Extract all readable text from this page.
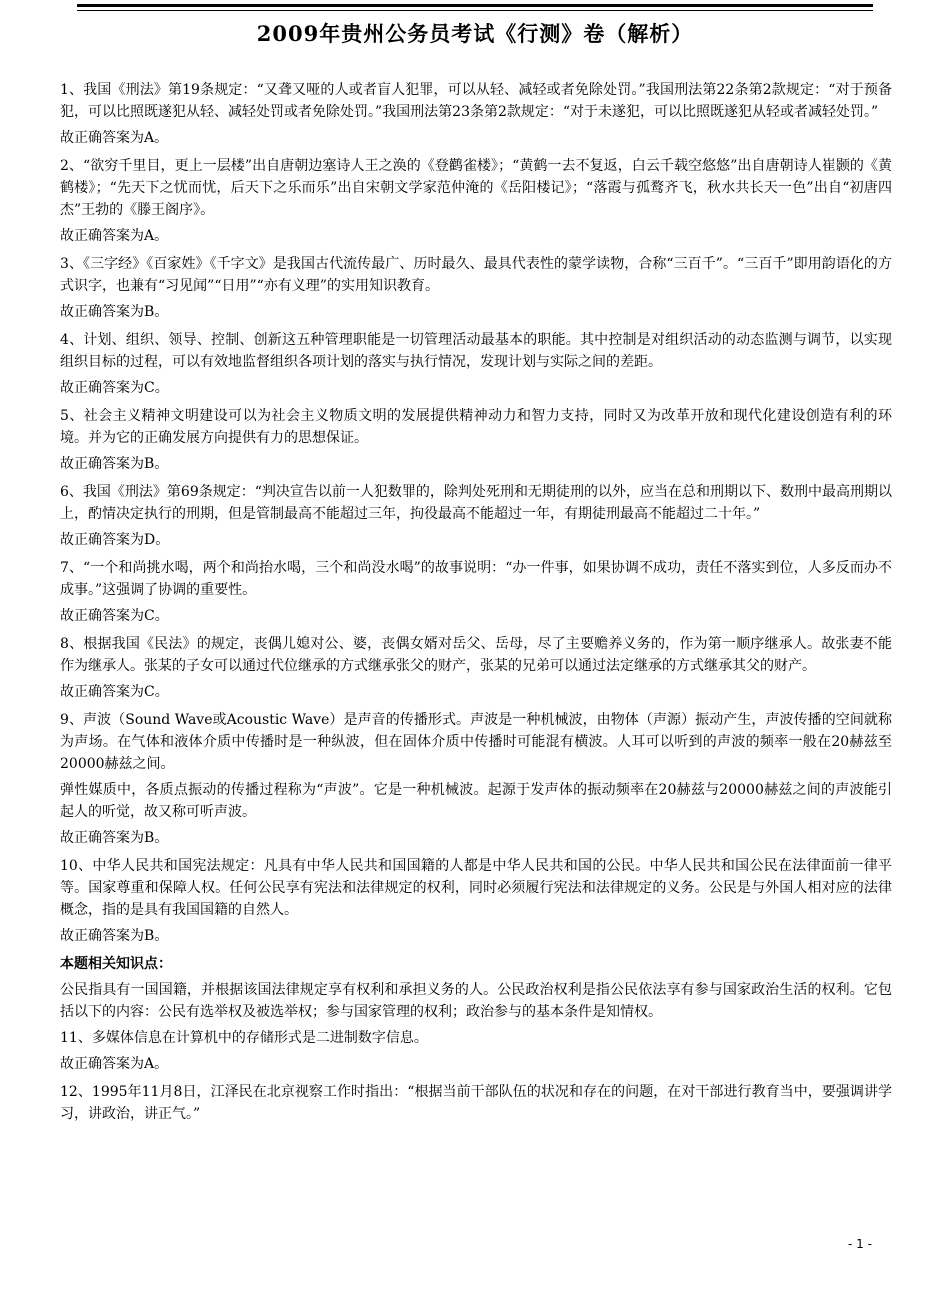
2009年贵州公务员考试《行测》卷（解析）

1、我国《刑法》第19条规定：“又聋又哑的人或者盲人犯罪，可以从轻、减轻或者免除处罚。”我国刑法第22条第2款规定：“对于预备犯，可以比照既遂犯从轻、减轻处罚或者免除处罚。”我国刑法第23条第2款规定：“对于未遂犯，可以比照既遂犯从轻或者减轻处罚。”

故正确答案为A。

2、“欲穷千里目，更上一层楼”出自唐朝边塞诗人王之涣的《登鹳雀楼》；“黄鹤一去不复返，白云千载空悠悠”出自唐朝诗人崔颢的《黄鹤楼》；“先天下之忧而忧，后天下之乐而乐”出自宋朝文学家范仲淹的《岳阳楼记》；“落霞与孤鹜齐飞，秋水共长天一色”出自“初唐四杰”王勃的《滕王阁序》。

故正确答案为A。

3、《三字经》《百家姓》《千字文》是我国古代流传最广、历时最久、最具代表性的蒙学读物，合称“三百千”。“三百千”即用韵语化的方式识字，也兼有“习见闻”“日用”“亦有义理”的实用知识教育。

故正确答案为B。

4、计划、组织、领导、控制、创新这五种管理职能是一切管理活动最基本的职能。其中控制是对组织活动的动态监测与调节，以实现组织目标的过程，可以有效地监督组织各项计划的落实与执行情况，发现计划与实际之间的差距。

故正确答案为C。

5、社会主义精神文明建设可以为社会主义物质文明的发展提供精神动力和智力支持，同时又为改革开放和现代化建设创造有利的环境。并为它的正确发展方向提供有力的思想保证。

故正确答案为B。

6、我国《刑法》第69条规定：“判决宣告以前一人犯数罪的，除判处死刑和无期徒刑的以外，应当在总和刑期以下、数刑中最高刑期以上，酌情决定执行的刑期，但是管制最高不能超过三年，拘役最高不能超过一年，有期徒刑最高不能超过二十年。”

故正确答案为D。

7、“一个和尚挑水喝，两个和尚抬水喝，三个和尚没水喝”的故事说明：“办一件事，如果协调不成功，责任不落实到位，人多反而办不成事。”这强调了协调的重要性。

故正确答案为C。

8、根据我国《民法》的规定，丧偶儿媳对公、婆，丧偶女婿对岳父、岳母，尽了主要赡养义务的，作为第一顺序继承人。故张妻不能作为继承人。张某的子女可以通过代位继承的方式继承张父的财产，张某的兄弟可以通过法定继承的方式继承其父的财产。

故正确答案为C。

9、声波（Sound Wave或Acoustic Wave）是声音的传播形式。声波是一种机械波，由物体（声源）振动产生，声波传播的空间就称为声场。在气体和液体介质中传播时是一种纵波，但在固体介质中传播时可能混有横波。人耳可以听到的声波的频率一般在20赫兹至20000赫兹之间。

弹性媒质中，各质点振动的传播过程称为“声波”。它是一种机械波。起源于发声体的振动频率在20赫兹与20000赫兹之间的声波能引起人的听觉，故又称可听声波。

故正确答案为B。

10、中华人民共和国宪法规定：凡具有中华人民共和国国籍的人都是中华人民共和国的公民。中华人民共和国公民在法律面前一律平等。国家尊重和保障人权。任何公民享有宪法和法律规定的权利，同时必须履行宪法和法律规定的义务。公民是与外国人相对应的法律概念，指的是具有我国国籍的自然人。

故正确答案为B。

本题相关知识点：

公民指具有一国国籍，并根据该国法律规定享有权利和承担义务的人。公民政治权利是指公民依法享有参与国家政治生活的权利。它包括以下的内容：公民有选举权及被选举权；参与国家管理的权利；政治参与的基本条件是知情权。

11、多媒体信息在计算机中的存储形式是二进制数字信息。

故正确答案为A。

12、1995年11月8日，江泽民在北京视察工作时指出：“根据当前干部队伍的状况和存在的问题，在对干部进行教育当中，要强调讲学习，讲政治，讲正气。”

- 1 -
